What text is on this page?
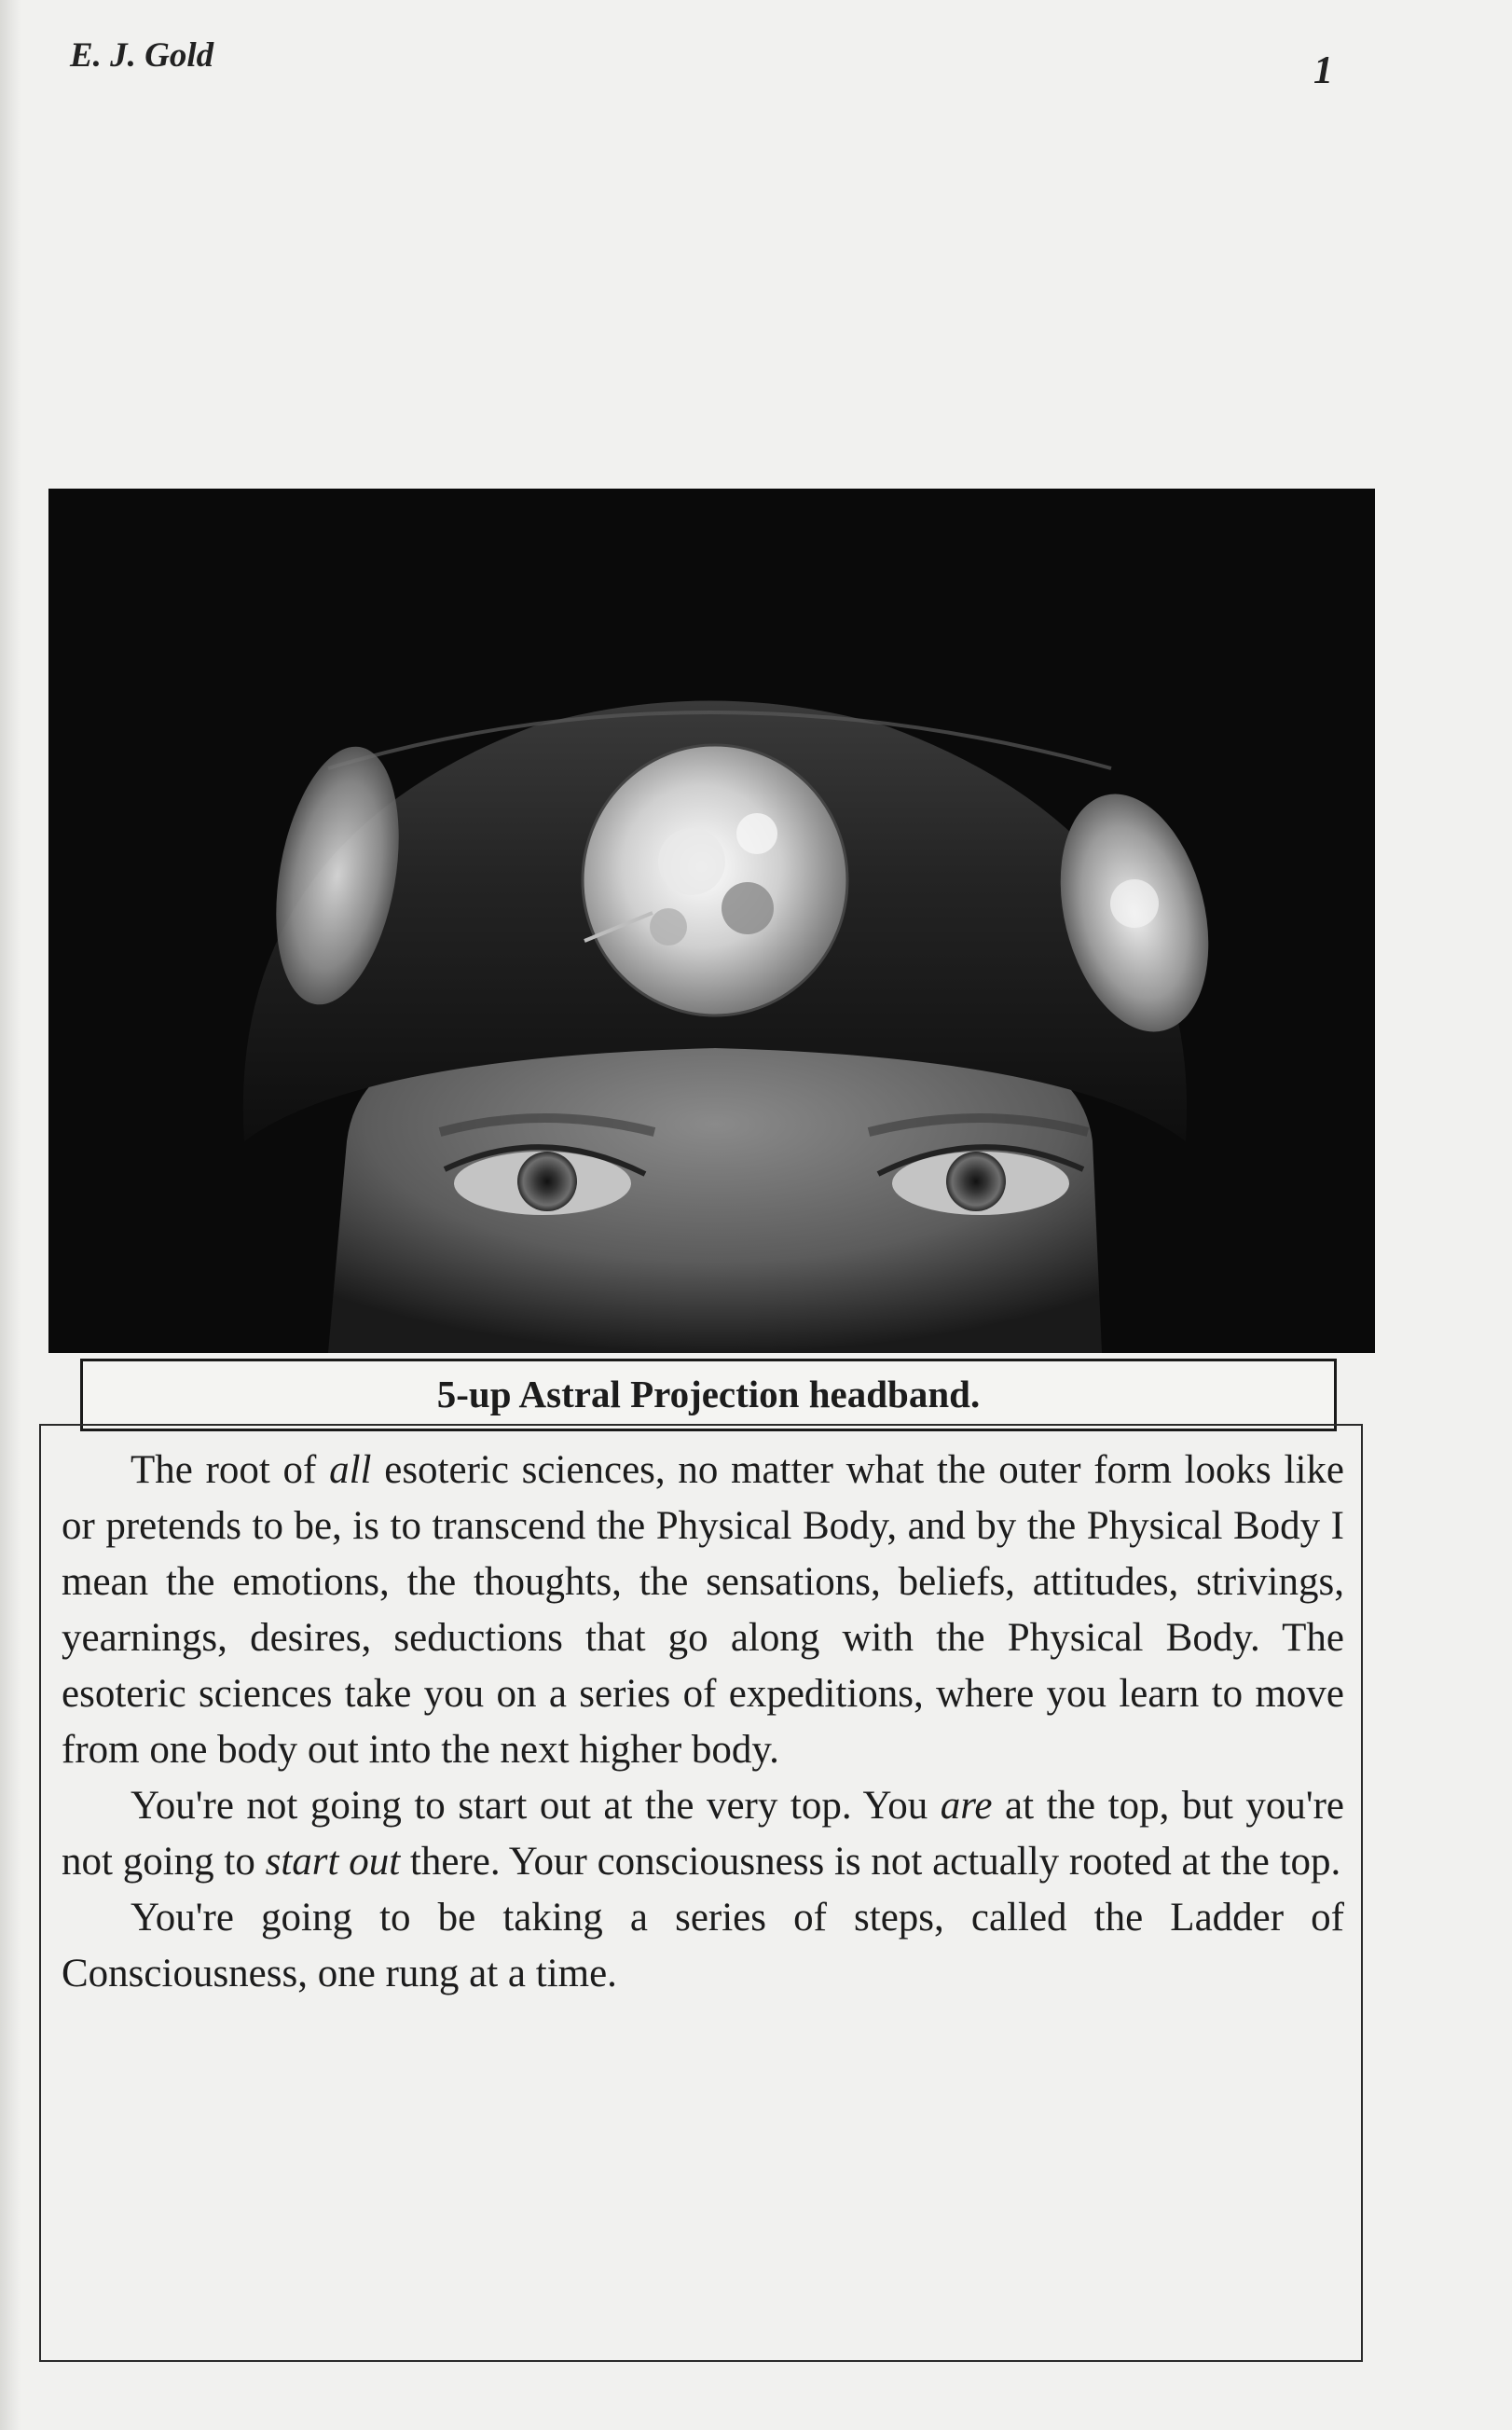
E. J. Gold	1
5-up Astral Projection headband.

The root of all esoteric sciences, no matter what the outer form looks like or pretends to be, is to transcend the Physical Body, and by the Physical Body I mean the emotions, the thoughts, the sensations, beliefs, attitudes, strivings, yearnings, desires, seductions that go along with the Physical Body. The esoteric sciences take you on a series of expeditions, where you learn to move from one body out into the next higher body.

You're not going to start out at the very top. You are at the top, but you're not going to start out there. Your consciousness is not actually rooted at the top.

You're going to be taking a series of steps, called the Ladder of Consciousness, one rung at a time.
